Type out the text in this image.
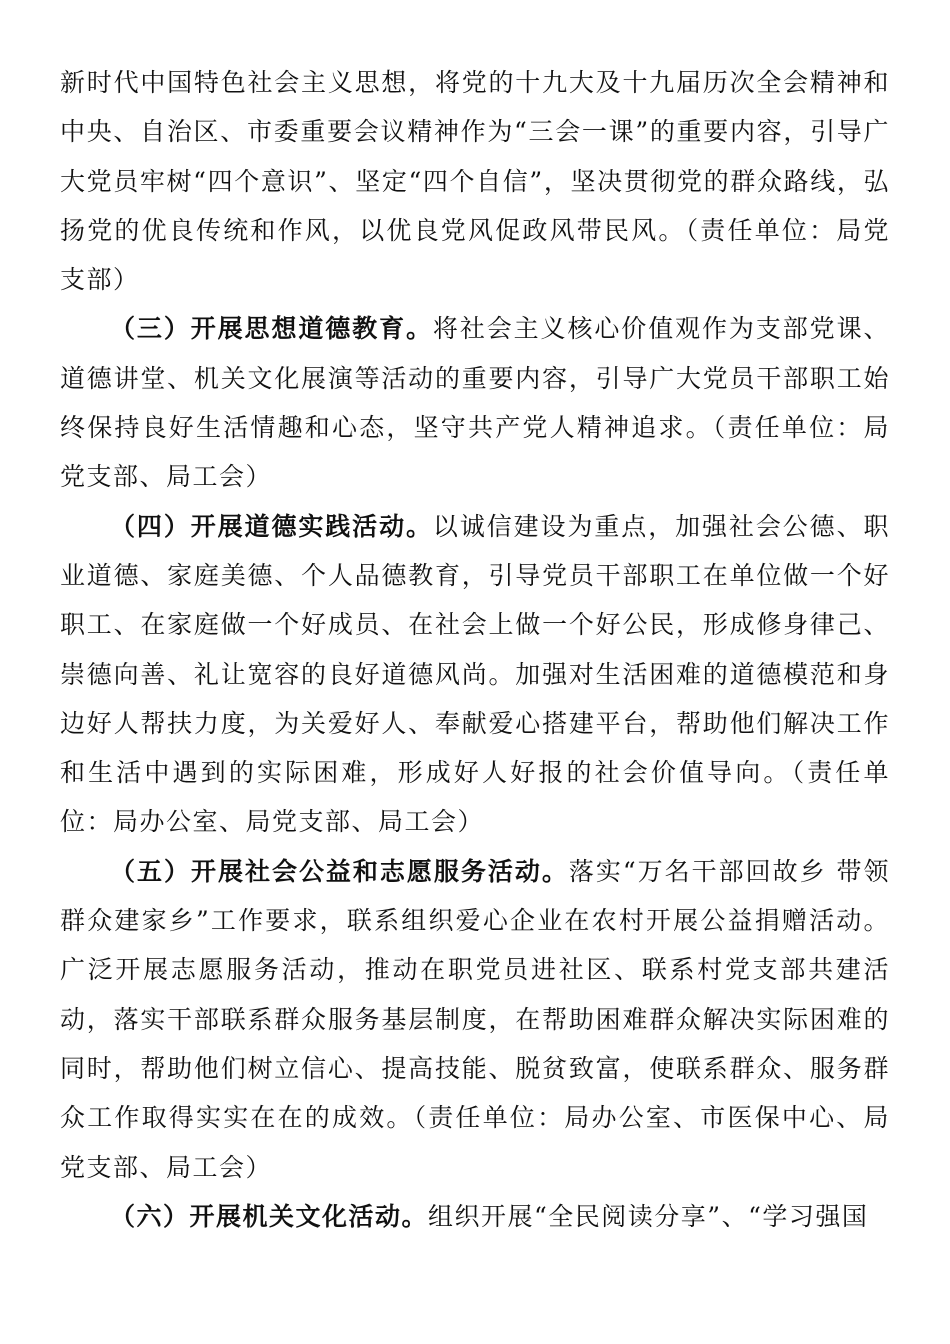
新时代中国特色社会主义思想，将党的十九大及十九届历次全会精神和中央、自治区、市委重要会议精神作为“三会一课”的重要内容，引导广大党员牢树“四个意识”、坚定“四个自信”，坚决贯彻党的群众路线，弘扬党的优良传统和作风，以优良党风促政风带民风。（责任单位：局党支部）

（三）开展思想道德教育。将社会主义核心价值观作为支部党课、道德讲堂、机关文化展演等活动的重要内容，引导广大党员干部职工始终保持良好生活情趣和心态，坚守共产党人精神追求。（责任单位：局党支部、局工会）

（四）开展道德实践活动。以诚信建设为重点，加强社会公德、职业道德、家庭美德、个人品德教育，引导党员干部职工在单位做一个好职工、在家庭做一个好成员、在社会上做一个好公民，形成修身律己、崇德向善、礼让宽容的良好道德风尚。加强对生活困难的道德模范和身边好人帮扶力度，为关爱好人、奉献爱心搭建平台，帮助他们解决工作和生活中遇到的实际困难，形成好人好报的社会价值导向。（责任单位：局办公室、局党支部、局工会）

（五）开展社会公益和志愿服务活动。落实“万名干部回故乡 带领群众建家乡”工作要求，联系组织爱心企业在农村开展公益捐赠活动。广泛开展志愿服务活动，推动在职党员进社区、联系村党支部共建活动，落实干部联系群众服务基层制度，在帮助困难群众解决实际困难的同时，帮助他们树立信心、提高技能、脱贫致富，使联系群众、服务群众工作取得实实在在的成效。（责任单位：局办公室、市医保中心、局党支部、局工会）

（六）开展机关文化活动。组织开展“全民阅读分享”、“学习强国
